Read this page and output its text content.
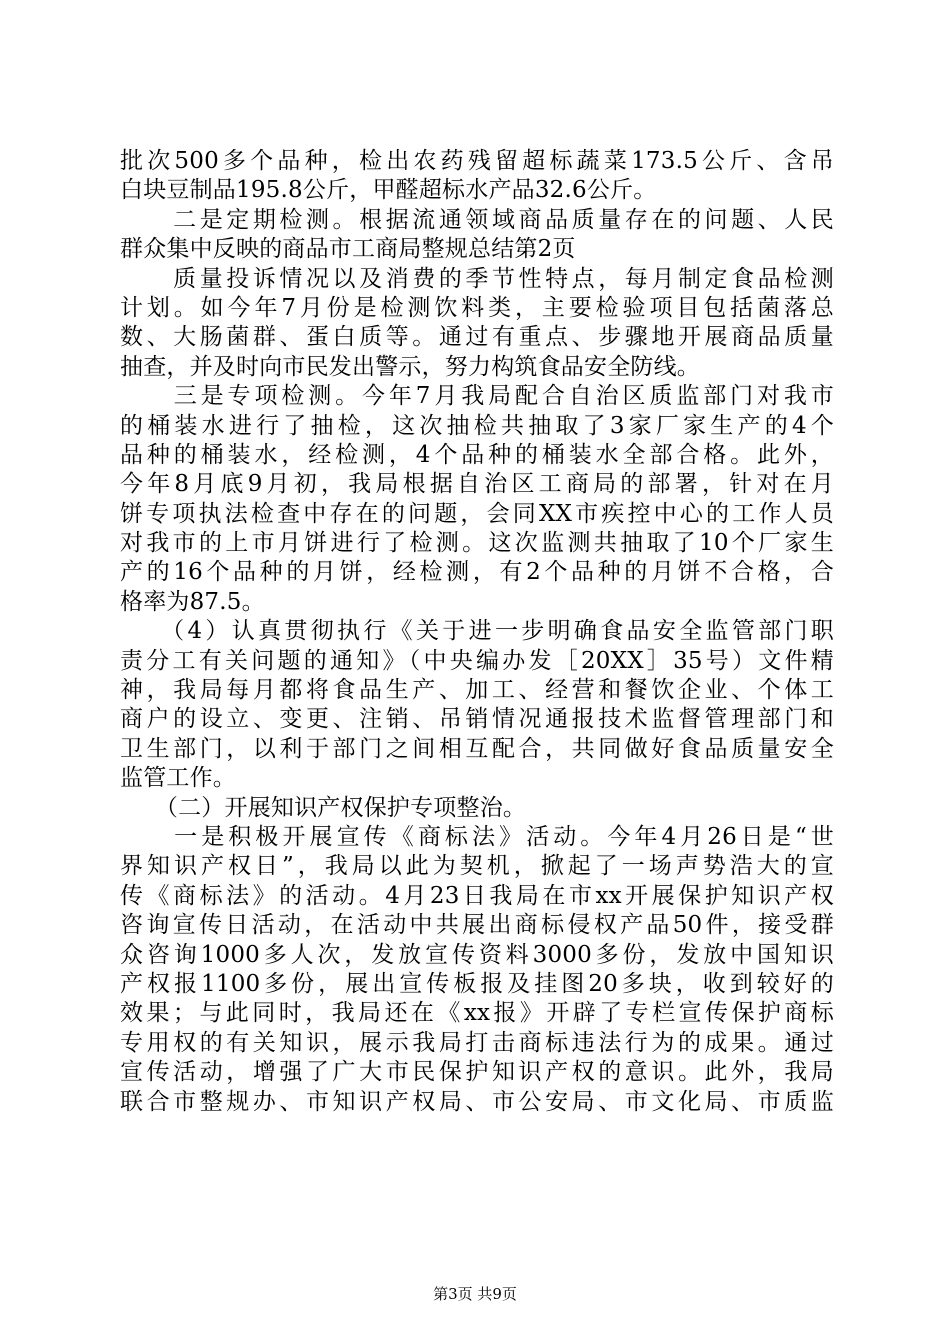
批次500多个品种，检出农药残留超标蔬菜173.5公斤、含吊
白块豆制品195.8公斤，甲醛超标水产品32.6公斤。
　　二是定期检测。根据流通领域商品质量存在的问题、人民
群众集中反映的商品市工商局整规总结第2页
　　质量投诉情况以及消费的季节性特点，每月制定食品检测
计划。如今年7月份是检测饮料类，主要检验项目包括菌落总
数、大肠菌群、蛋白质等。通过有重点、步骤地开展商品质量
抽查，并及时向市民发出警示，努力构筑食品安全防线。
　　三是专项检测。今年7月我局配合自治区质监部门对我市
的桶装水进行了抽检，这次抽检共抽取了3家厂家生产的4个
品种的桶装水，经检测，4个品种的桶装水全部合格。此外，
今年8月底9月初，我局根据自治区工商局的部署，针对在月
饼专项执法检查中存在的问题，会同XX市疾控中心的工作人员
对我市的上市月饼进行了检测。这次监测共抽取了10个厂家生
产的16个品种的月饼，经检测，有2个品种的月饼不合格，合
格率为87.5。
　　（4）认真贯彻执行《关于进一步明确食品安全监管部门职
责分工有关问题的通知》（中央编办发［20XX］35号）文件精
神，我局每月都将食品生产、加工、经营和餐饮企业、个体工
商户的设立、变更、注销、吊销情况通报技术监督管理部门和
卫生部门，以利于部门之间相互配合，共同做好食品质量安全
监管工作。
　　（二）开展知识产权保护专项整治。
　　一是积极开展宣传《商标法》活动。今年4月26日是“世
界知识产权日”，我局以此为契机，掀起了一场声势浩大的宣
传《商标法》的活动。4月23日我局在市xx开展保护知识产权
咨询宣传日活动，在活动中共展出商标侵权产品50件，接受群
众咨询1000多人次，发放宣传资料3000多份，发放中国知识
产权报1100多份，展出宣传板报及挂图20多块，收到较好的
效果；与此同时，我局还在《xx报》开辟了专栏宣传保护商标
专用权的有关知识，展示我局打击商标违法行为的成果。通过
宣传活动，增强了广大市民保护知识产权的意识。此外，我局
联合市整规办、市知识产权局、市公安局、市文化局、市质监
第3页 共9页
